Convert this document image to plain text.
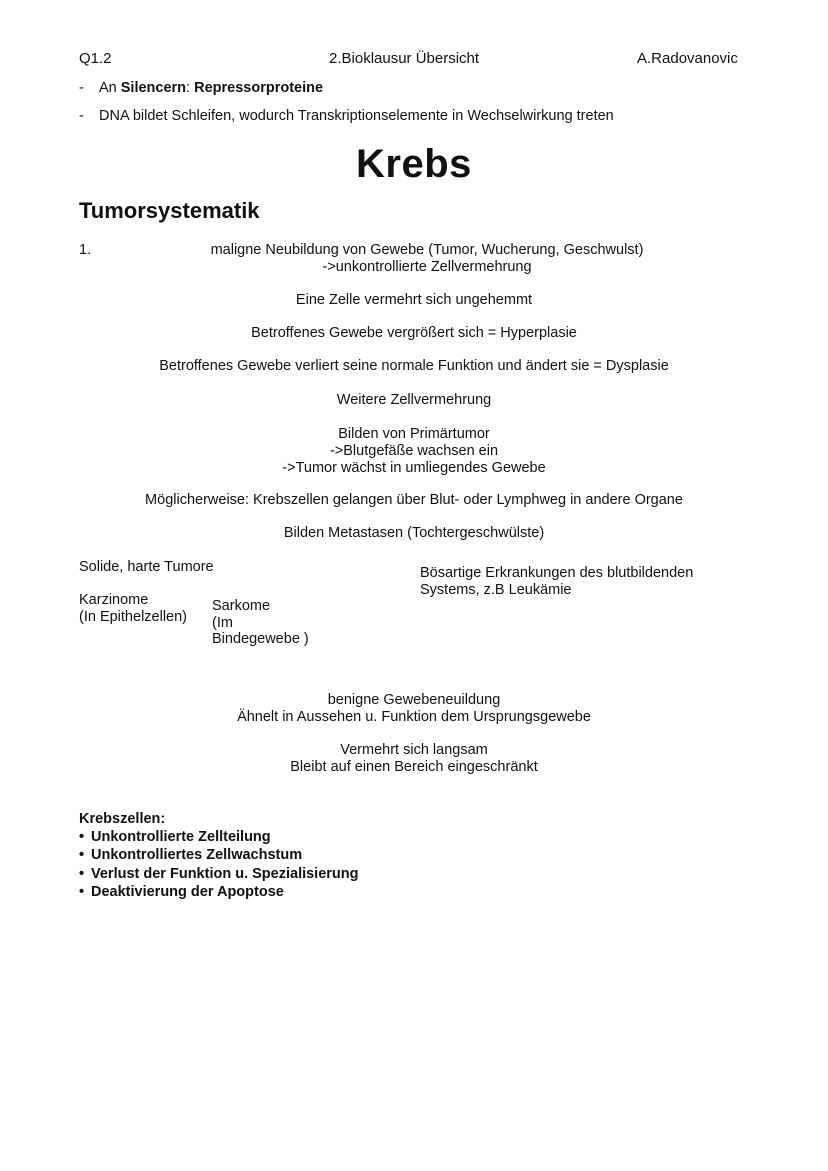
Q1.2	2.Bioklausur Übersicht	A.Radovanovic
- An Silencern: Repressorproteine
- DNA bildet Schleifen, wodurch Transkriptionselemente in Wechselwirkung treten
Krebs
Tumorsystematik
1.	maligne Neubildung von Gewebe (Tumor, Wucherung, Geschwulst)
->unkontrollierte Zellvermehrung
Eine Zelle vermehrt sich ungehemmt
Betroffenes Gewebe vergrößert sich = Hyperplasie
Betroffenes Gewebe verliert seine normale Funktion und ändert sie = Dysplasie
Weitere Zellvermehrung
Bilden von Primärtumor
->Blutgefäße wachsen ein
->Tumor wächst in umliegendes Gewebe
Möglicherweise: Krebszellen gelangen über Blut- oder Lymphweg in andere Organe
Bilden Metastasen (Tochtergeschwülste)
Solide, harte Tumore
Karzinome
(In Epithelzellen)
Sarkome
(Im
Bindegewebe )
Bösartige Erkrankungen des blutbildenden
Systems, z.B Leukämie
benigne Gewebeneuildung
Ähnelt in Aussehen u. Funktion dem Ursprungsgewebe
Vermehrt sich langsam
Bleibt auf einen Bereich eingeschränkt
Krebszellen:
• Unkontrollierte Zellteilung
• Unkontrolliertes Zellwachstum
• Verlust der Funktion u. Spezialisierung
• Deaktivierung der Apoptose
